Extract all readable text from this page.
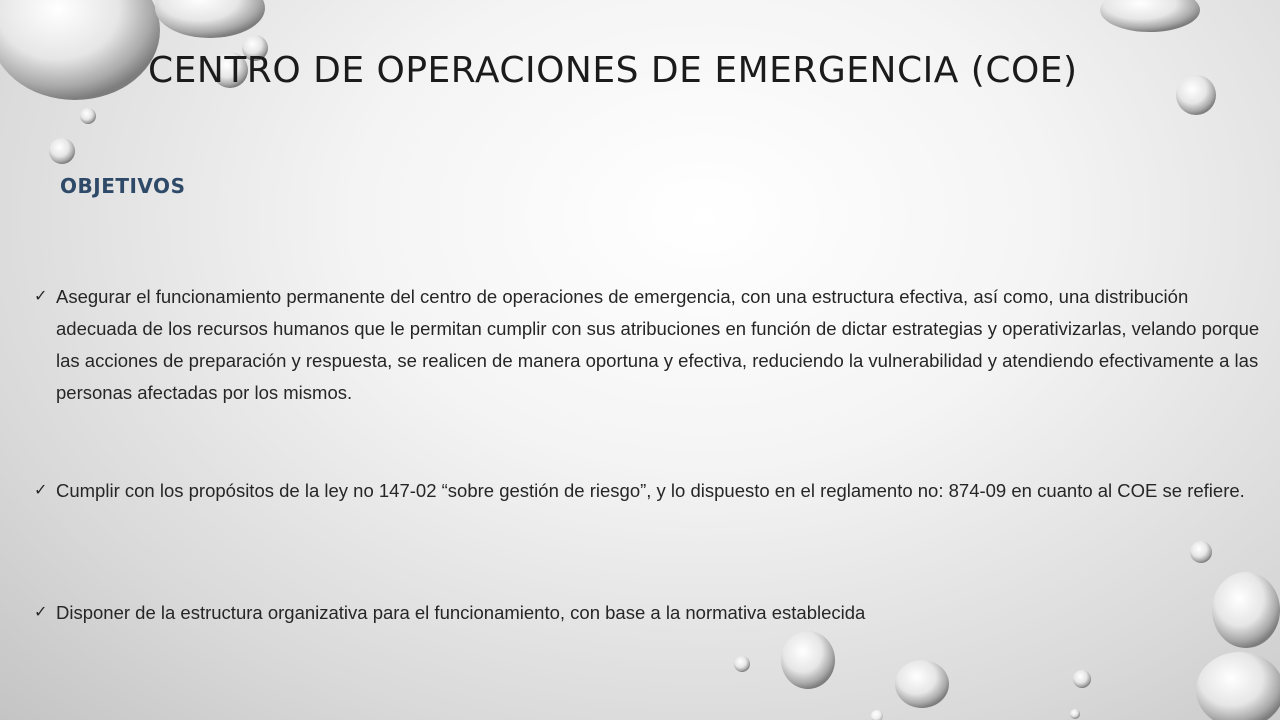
CENTRO DE OPERACIONES DE EMERGENCIA (COE)
OBJETIVOS
✓ Asegurar el funcionamiento permanente del centro de operaciones de emergencia, con una estructura efectiva, así como, una distribución adecuada de los recursos humanos que le permitan cumplir con sus atribuciones en función de dictar estrategias y operativizarlas, velando porque las acciones de preparación y respuesta, se realicen de manera oportuna y efectiva, reduciendo la vulnerabilidad y atendiendo efectivamente a las personas afectadas por los mismos.
✓ Cumplir con los propósitos de la ley no 147-02 “sobre gestión de riesgo”, y lo dispuesto en el reglamento no: 874-09 en cuanto al COE se refiere.
✓ Disponer de la estructura organizativa para el funcionamiento, con base a la normativa establecida
